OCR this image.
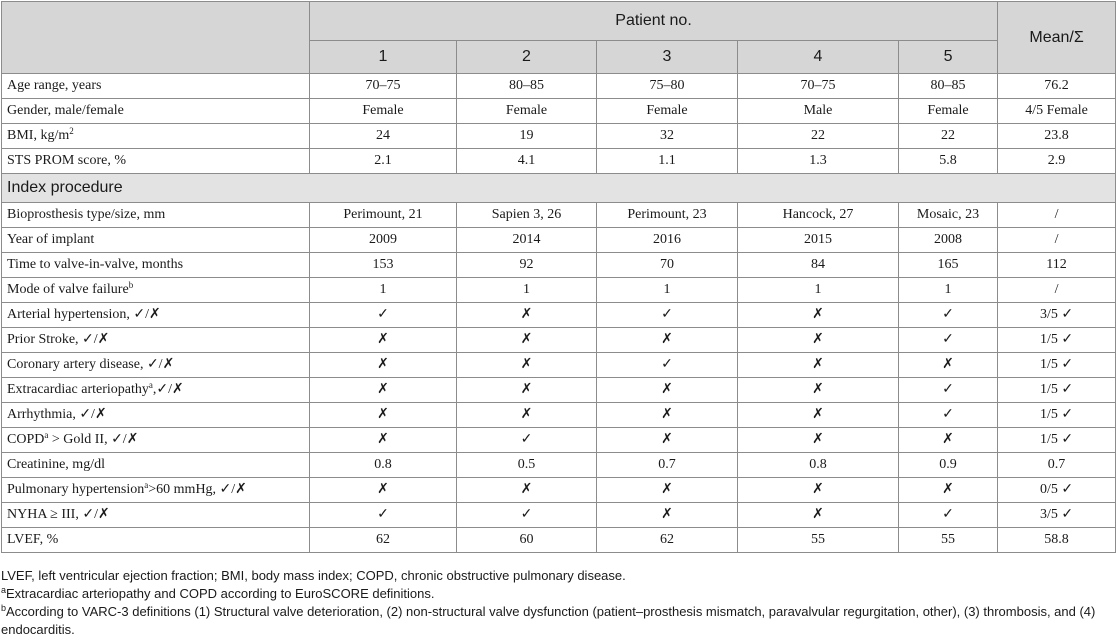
	Patient no.					Mean/Σ
	1	2	3	4	5	
Age range, years	70–75	80–85	75–80	70–75	80–85	76.2
Gender, male/female	Female	Female	Female	Male	Female	4/5 Female
BMI, $kg/m^2$	24	19	32	22	22	23.8
STS PROM score, %	2.1	4.1	1.1	1.3	5.8	2.9
Index procedure						
Bioprosthesis type/size, mm	Perimount, 21	Sapien 3, 26	Perimount, 23	Hancock, 27	Mosaic, 23	/
Year of implant	2009	2014	2016	2015	2008	/
Time to valve-in-valve, months	153	92	70	84	165	112
Mode of valve failure$^b$	1	1	1	1	1	/
Arterial hypertension, ✓/✗	✓	✗	✓	✗	✓	3/5 ✓
Prior Stroke, ✓/✗	✗	✗	✗	✗	✓	1/5 ✓
Coronary artery disease, ✓/✗	✗	✗	✓	✗	✗	1/5 ✓
Extracardiac arteriopathy$^a$,✓/✗	✗	✗	✗	✗	✓	1/5 ✓
Arrhythmia, ✓/✗	✗	✗	✗	✗	✓	1/5 ✓
$COPD^a$ > Gold II, ✓/✗	✗	✓	✗	✗	✗	1/5 ✓
Creatinine, mg/dl	0.8	0.5	0.7	0.8	0.9	0.7
Pulmonary hypertension$^a$>60 mmHg, ✓/✗	✗	✗	✗	✗	✗	0/5 ✓
NYHA ≥ III, ✓/✗	✓	✓	✗	✗	✓	3/5 ✓
LVEF, %	62	60	62	55	55	58.8

LVEF, left ventricular ejection fraction; BMI, body mass index; COPD, chronic obstructive pulmonary disease.

$^a$Extracardiac arteriopathy and COPD according to EuroSCORE definitions.

$^b$According to VARC-3 definitions (1) Structural valve deterioration, (2) non-structural valve dysfunction (patient–prosthesis mismatch, paravalvular regurgitation, other), (3) thrombosis, and (4) endocarditis.
